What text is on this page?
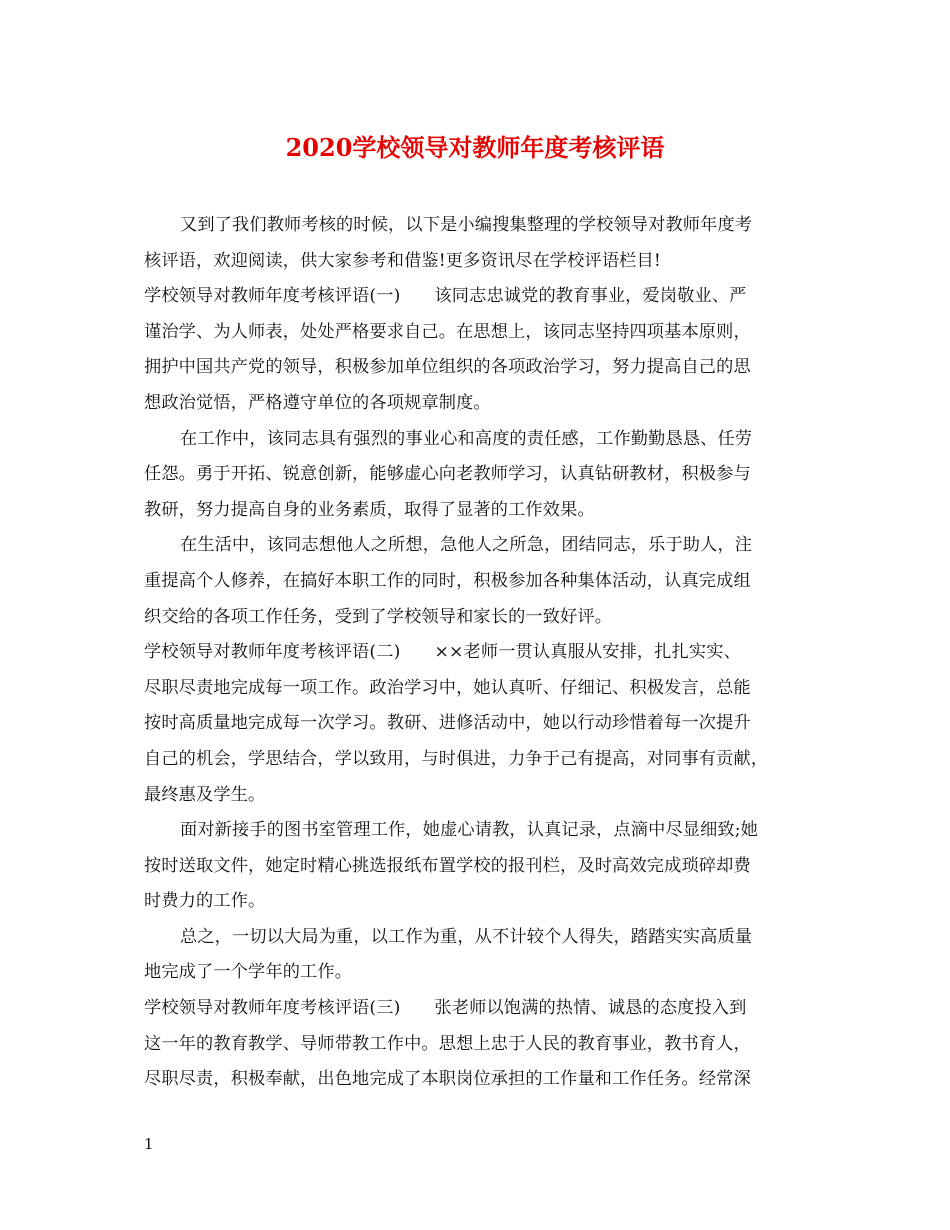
2020学校领导对教师年度考核评语
又到了我们教师考核的时候，以下是小编搜集整理的学校领导对教师年度考
核评语，欢迎阅读，供大家参考和借鉴!更多资讯尽在学校评语栏目!
学校领导对教师年度考核评语(一) 该同志忠诚党的教育事业，爱岗敬业、严
谨治学、为人师表，处处严格要求自己。在思想上，该同志坚持四项基本原则，
拥护中国共产党的领导，积极参加单位组织的各项政治学习，努力提高自己的思
想政治觉悟，严格遵守单位的各项规章制度。
在工作中，该同志具有强烈的事业心和高度的责任感，工作勤勤恳恳、任劳
任怨。勇于开拓、锐意创新，能够虚心向老教师学习，认真钻研教材，积极参与
教研，努力提高自身的业务素质，取得了显著的工作效果。
在生活中，该同志想他人之所想，急他人之所急，团结同志，乐于助人，注
重提高个人修养，在搞好本职工作的同时，积极参加各种集体活动，认真完成组
织交给的各项工作任务，受到了学校领导和家长的一致好评。
学校领导对教师年度考核评语(二) ××老师一贯认真服从安排，扎扎实实、
尽职尽责地完成每一项工作。政治学习中，她认真听、仔细记、积极发言，总能
按时高质量地完成每一次学习。教研、进修活动中，她以行动珍惜着每一次提升
自己的机会，学思结合，学以致用，与时俱进，力争于己有提高，对同事有贡献，
最终惠及学生。
面对新接手的图书室管理工作，她虚心请教，认真记录，点滴中尽显细致;她
按时送取文件，她定时精心挑选报纸布置学校的报刊栏，及时高效完成琐碎却费
时费力的工作。
总之，一切以大局为重，以工作为重，从不计较个人得失，踏踏实实高质量
地完成了一个学年的工作。
学校领导对教师年度考核评语(三) 张老师以饱满的热情、诚恳的态度投入到
这一年的教育教学、导师带教工作中。思想上忠于人民的教育事业，教书育人，
尽职尽责，积极奉献，出色地完成了本职岗位承担的工作量和工作任务。经常深
1
